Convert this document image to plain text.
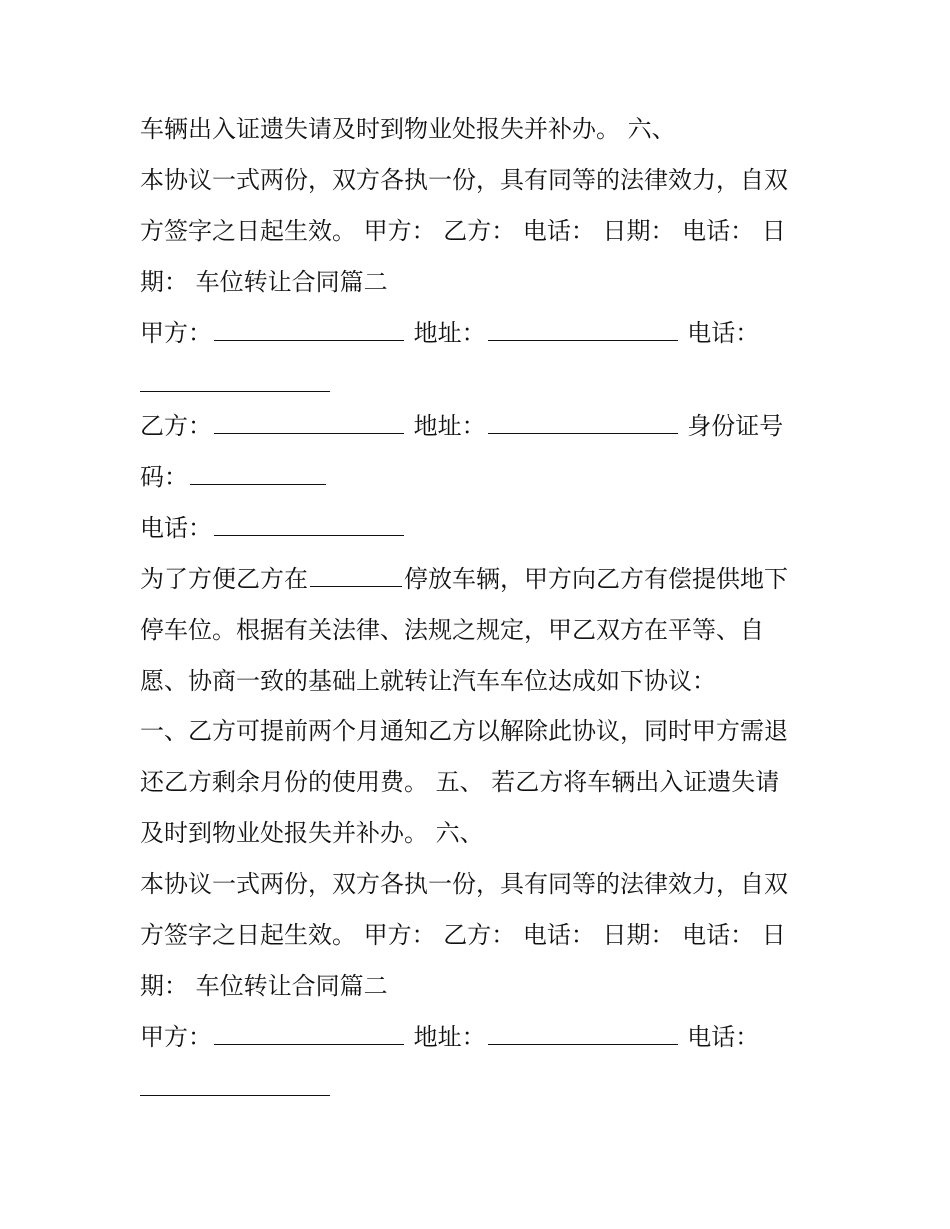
车辆出入证遗失请及时到物业处报失并补办。 六、
本协议一式两份，双方各执一份，具有同等的法律效力，自双
方签字之日起生效。 甲方： 乙方： 电话： 日期： 电话： 日
期： 车位转让合同篇二
甲方：	地址：	电话：
乙方：	地址：	身份证号
码：
电话：
为了方便乙方在	停放车辆，甲方向乙方有偿提供地下
停车位。根据有关法律、法规之规定，甲乙双方在平等、自
愿、协商一致的基础上就转让汽车车位达成如下协议：
一、乙方可提前两个月通知乙方以解除此协议，同时甲方需退
还乙方剩余月份的使用费。 五、 若乙方将车辆出入证遗失请
及时到物业处报失并补办。 六、
本协议一式两份，双方各执一份，具有同等的法律效力，自双
方签字之日起生效。 甲方： 乙方： 电话： 日期： 电话： 日
期： 车位转让合同篇二
甲方：	地址：	电话：
